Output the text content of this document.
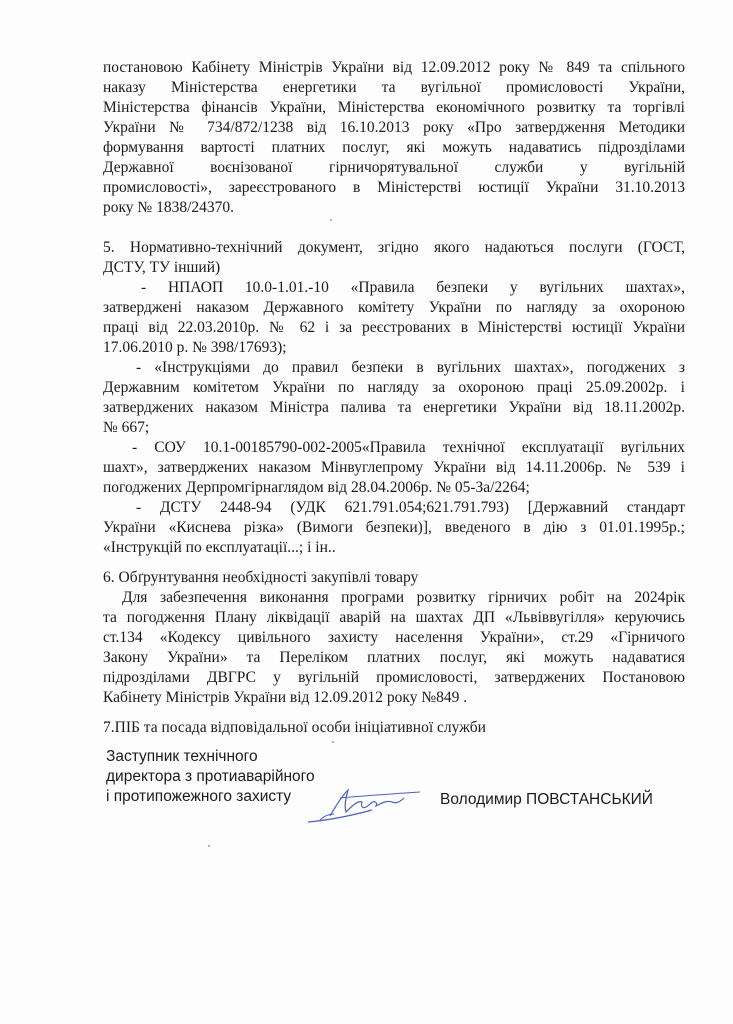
постановою Кабінету Міністрів України від 12.09.2012 року № 849 та спільного
наказу Міністерства енергетики та вугільної промисловості України,
Міністерства фінансів України, Міністерства економічного розвитку та торгівлі
України № 734/872/1238 від 16.10.2013 року «Про затвердження Методики
формування вартості платних послуг, які можуть надаватись підрозділами
Державної воєнізованої гірничорятувальної служби у вугільній
промисловості», зареєстрованого в Міністерстві юстиції України 31.10.2013
року № 1838/24370.
5. Нормативно-технічний документ, згідно якого надаються послуги (ГОСТ,
ДСТУ, ТУ інший)
- НПАОП 10.0-1.01.-10 «Правила безпеки у вугільних шахтах»,
затверджені наказом Державного комітету України по нагляду за охороною
праці від 22.03.2010р. № 62 і за реєстрованих в Міністерстві юстиції України
17.06.2010 р. № 398/17693);
- «Інструкціями до правил безпеки в вугільних шахтах», погоджених з
Державним комітетом України по нагляду за охороною праці 25.09.2002р. і
затверджених наказом Міністра палива та енергетики України від 18.11.2002р.
№ 667;
- СОУ 10.1-00185790-002-2005«Правила технічної експлуатації вугільних
шахт», затверджених наказом Мінвуглепрому України від 14.11.2006р. № 539 і
погоджених Дерпромгірнаглядом від 28.04.2006р. № 05-За/2264;
- ДСТУ 2448-94 (УДК 621.791.054;621.791.793) [Державний стандарт
України «Киснева різка» (Вимоги безпеки)], введеного в дію з 01.01.1995р.;
«Інструкцій по експлуатації...; і ін..
6. Обґрунтування необхідності закупівлі товару
Для забезпечення виконання програми розвитку гірничих робіт на 2024рік
та погодження Плану ліквідації аварій на шахтах ДП «Львіввугілля» керуючись
ст.134 «Кодексу цивільного захисту населення України», ст.29 «Гірничого
Закону України» та Переліком платних послуг, які можуть надаватися
підрозділами ДВГРС у вугільній промисловості, затверджених Постановою
Кабінету Міністрів України від 12.09.2012 року №849 .
7.ПІБ та посада відповідальної особи ініціативної служби
Заступник технічного
директора з протиаварійного
і протипожежного захисту	Володимир ПОВСТАНСЬКИЙ
